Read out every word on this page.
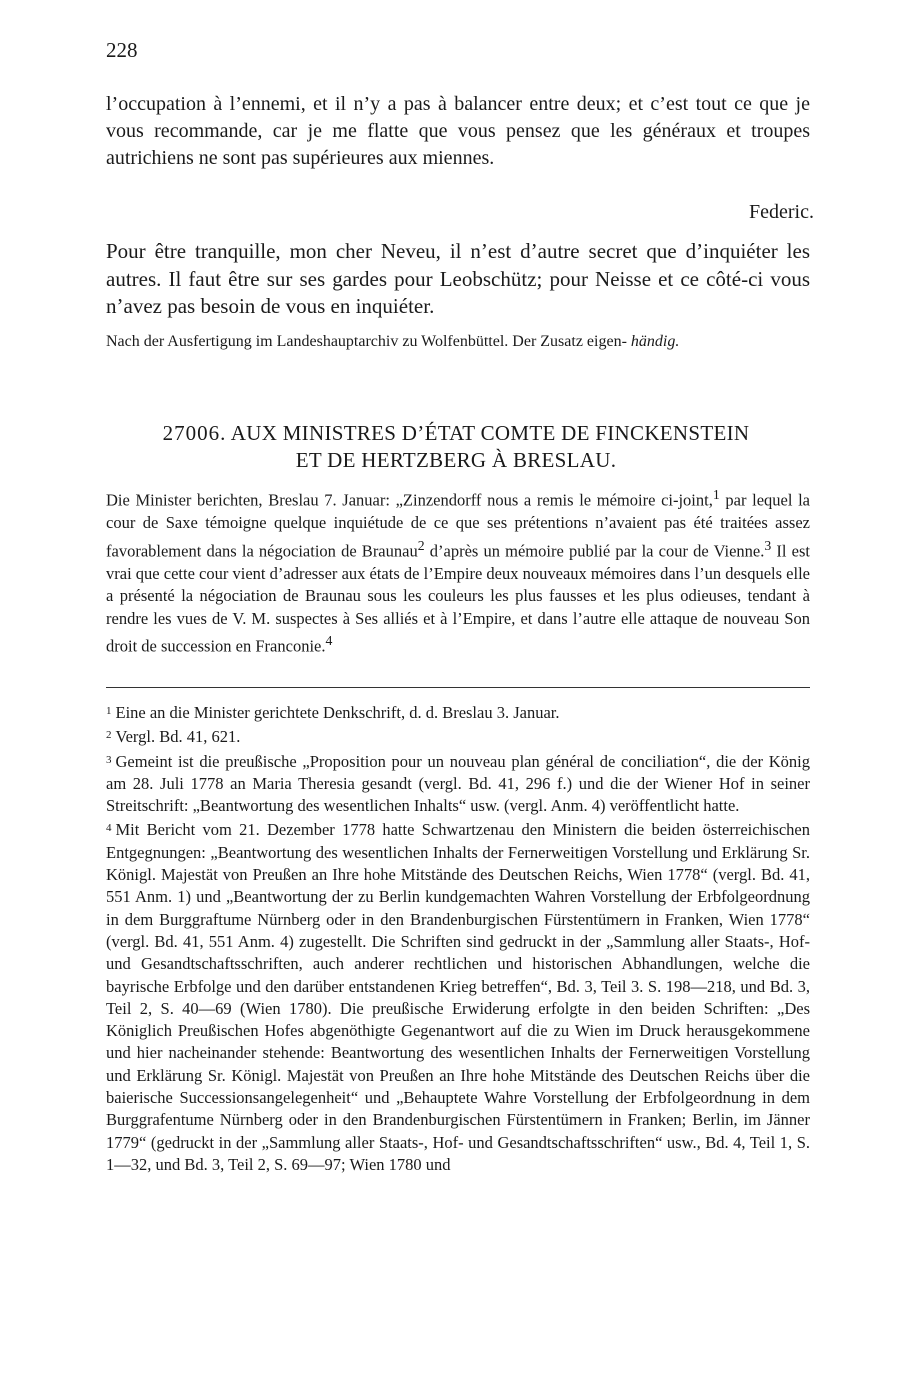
228

l’occupation à l’ennemi, et il n’y a pas à balancer entre deux; et c’est tout ce que je vous recommande, car je me flatte que vous pensez que les généraux et troupes autrichiens ne sont pas supérieures aux miennes.

Federic.

Pour être tranquille, mon cher Neveu, il n’est d’autre secret que d’inquiéter les autres. Il faut être sur ses gardes pour Leobschütz; pour Neisse et ce côté-ci vous n’avez pas besoin de vous en inquiéter.

Nach der Ausfertigung im Landeshauptarchiv zu Wolfenbüttel. Der Zusatz eigen- händig.
27006. AUX MINISTRES D’ÉTAT COMTE DE FINCKENSTEIN
ET DE HERTZBERG À BRESLAU.
Die Minister berichten, Breslau 7. Januar: „Zinzendorff nous a remis le mémoire ci-joint,$^1$ par lequel la cour de Saxe témoigne quelque inquiétude de ce que ses prétentions n’avaient pas été traitées assez favorablement dans la négociation de Braunau$^2$ d’après un mémoire publié par la cour de Vienne.$^3$ Il est vrai que cette cour vient d’adresser aux états de l’Empire deux nouveaux mémoires dans l’un desquels elle a présenté la négociation de Braunau sous les couleurs les plus fausses et les plus odieuses, tendant à rendre les vues de V. M. suspectes à Ses alliés et à l’Empire, et dans l’autre elle attaque de nouveau Son droit de succession en Franconie.$^4$

$^1$ Eine an die Minister gerichtete Denkschrift, d. d. Breslau 3. Januar.

$^2$ Vergl. Bd. 41, 621.

$^3$ Gemeint ist die preußische „Proposition pour un nouveau plan général de conciliation“, die der König am 28. Juli 1778 an Maria Theresia gesandt (vergl. Bd. 41, 296 f.) und die der Wiener Hof in seiner Streitschrift: „Beantwortung des wesentlichen Inhalts“ usw. (vergl. Anm. 4) veröffentlicht hatte.

$^4$ Mit Bericht vom 21. Dezember 1778 hatte Schwartzenau den Ministern die beiden österreichischen Entgegnungen: „Beantwortung des wesentlichen Inhalts der Fernerweitigen Vorstellung und Erklärung Sr. Königl. Majestät von Preußen an Ihre hohe Mitstände des Deutschen Reichs, Wien 1778“ (vergl. Bd. 41, 551 Anm. 1) und „Beantwortung der zu Berlin kundgemachten Wahren Vorstellung der Erbfolgeordnung in dem Burggraftume Nürnberg oder in den Brandenburgischen Fürstentümern in Franken, Wien 1778“ (vergl. Bd. 41, 551 Anm. 4) zugestellt. Die Schriften sind gedruckt in der „Sammlung aller Staats-, Hof- und Gesandtschaftsschriften, auch anderer rechtlichen und historischen Abhandlungen, welche die bayrische Erbfolge und den darüber entstandenen Krieg betreffen“, Bd. 3, Teil 3. S. 198—218, und Bd. 3, Teil 2, S. 40—69 (Wien 1780). Die preußische Erwiderung erfolgte in den beiden Schriften: „Des Königlich Preußischen Hofes abgenöthigte Gegenantwort auf die zu Wien im Druck herausgekommene und hier nacheinander stehende: Beantwortung des wesentlichen Inhalts der Fernerweitigen Vorstellung und Erklärung Sr. Königl. Majestät von Preußen an Ihre hohe Mitstände des Deutschen Reichs über die baierische Successionsangelegenheit“ und „Behauptete Wahre Vorstellung der Erbfolgeordnung in dem Burggrafentume Nürnberg oder in den Brandenburgischen Fürstentümern in Franken; Berlin, im Jänner 1779“ (gedruckt in der „Sammlung aller Staats-, Hof- und Gesandtschaftsschriften“ usw., Bd. 4, Teil 1, S. 1—32, und Bd. 3, Teil 2, S. 69—97; Wien 1780 und
